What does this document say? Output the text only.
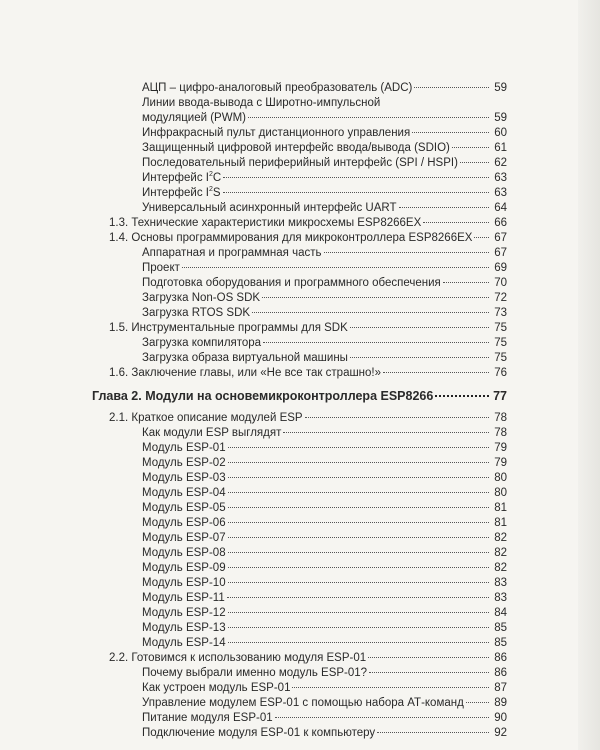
АЦП – цифро-аналоговый преобразователь (ADC)	59
Линии ввода-вывода с Широтно-импульсной
модуляцией (PWM)	59
Инфракрасный пульт дистанционного управления	60
Защищенный цифровой интерфейс ввода/вывода (SDIO)	61
Последовательный периферийный интерфейс (SPI / HSPI)	62
Интерфейс $I^2C$	63
Интерфейс $I^2S$	63
Универсальный асинхронный интерфейс UART	64
1.3. Технические характеристики микросхемы ESP8266EX	66
1.4. Основы программирования для микроконтроллера ESP8266EX 67
Аппаратная и программная часть	67
Проект	69
Подготовка оборудования и программного обеспечения	70
Загрузка Non-OS SDK	72
Загрузка RTOS SDK	73
1.5. Инструментальные программы для SDK	75
Загрузка компилятора	75
Загрузка образа виртуальной машины	75
1.6. Заключение главы, или «Не все так страшно!»	76
Глава 2. Модули на основемикроконтроллера ESP8266	77
2.1. Краткое описание модулей ESP	78
Как модули ESP выглядят	78
Модуль ESP-01	79
Модуль ESP-02	79
Модуль ESP-03	80
Модуль ESP-04	80
Модуль ESP-05	81
Модуль ESP-06	81
Модуль ESP-07	82
Модуль ESP-08	82
Модуль ESP-09	82
Модуль ESP-10	83
Модуль ESP-11	83
Модуль ESP-12	84
Модуль ESP-13	85
Модуль ESP-14	85
2.2. Готовимся к использованию модуля ESP-01	86
Почему выбрали именно модуль ESP-01?	86
Как устроен модуль ESP-01	87
Управление модулем ESP-01 с помощью набора АТ-команд	89
Питание модуля ESP-01	90
Подключение модуля ESP-01 к компьютеру	92
